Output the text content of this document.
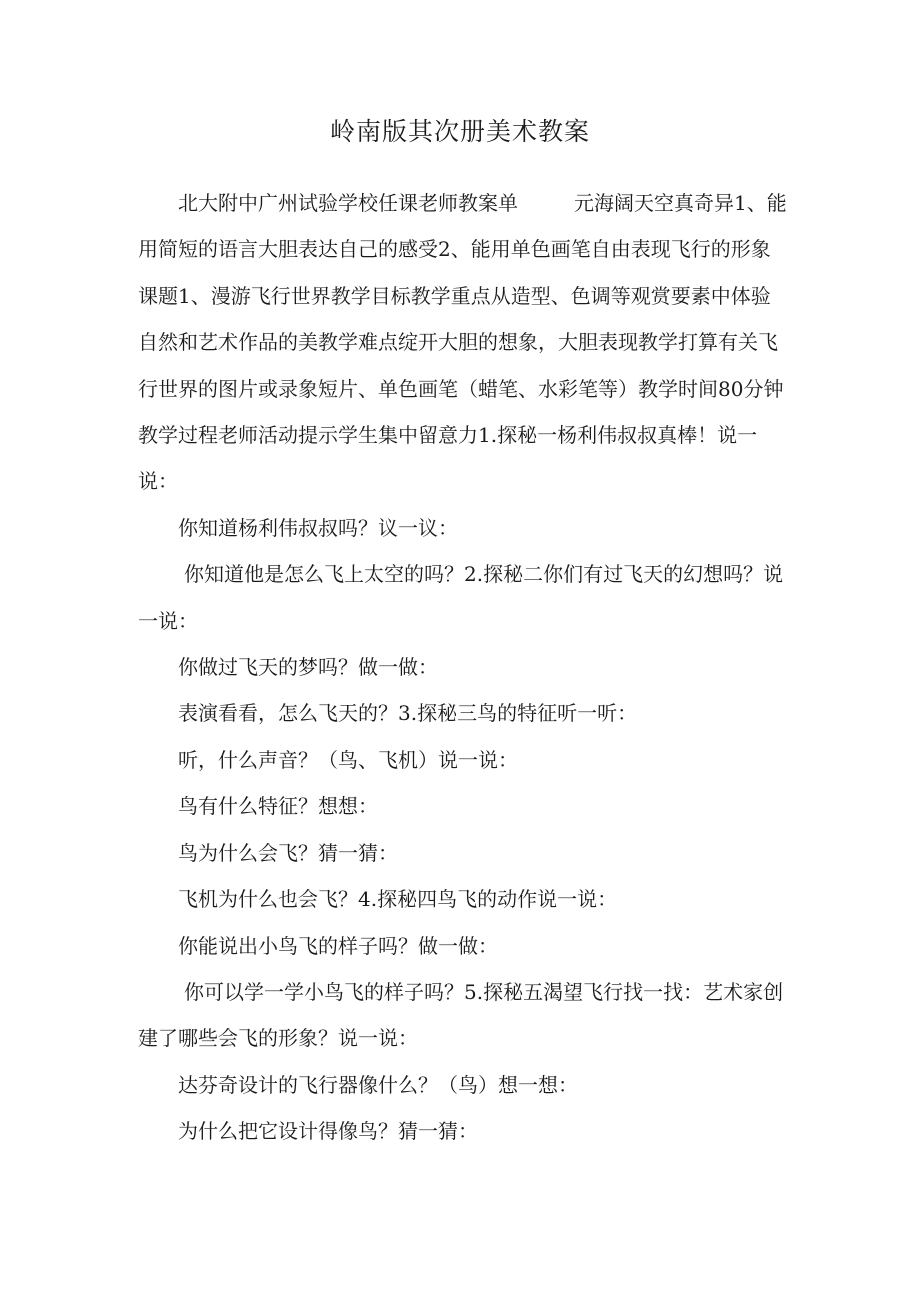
岭南版其次册美术教案

北大附中广州试验学校任课老师教案单	元海阔天空真奇异1、能用简短的语言大胆表达自己的感受2、能用单色画笔自由表现飞行的形象课题1、漫游飞行世界教学目标教学重点从造型、色调等观赏要素中体验自然和艺术作品的美教学难点绽开大胆的想象，大胆表现教学打算有关飞行世界的图片或录象短片、单色画笔（蜡笔、水彩笔等）教学时间80分钟教学过程老师活动提示学生集中留意力1.探秘一杨利伟叔叔真棒！说一说：

你知道杨利伟叔叔吗？议一议：

你知道他是怎么飞上太空的吗？2.探秘二你们有过飞天的幻想吗？说一说：

你做过飞天的梦吗？做一做：

表演看看，怎么飞天的？3.探秘三鸟的特征听一听：

听，什么声音？（鸟、飞机）说一说：

鸟有什么特征？想想：

鸟为什么会飞？猜一猜：

飞机为什么也会飞？4.探秘四鸟飞的动作说一说：

你能说出小鸟飞的样子吗？做一做：

你可以学一学小鸟飞的样子吗？5.探秘五渴望飞行找一找：艺术家创建了哪些会飞的形象？说一说：

达芬奇设计的飞行器像什么？（鸟）想一想：

为什么把它设计得像鸟？猜一猜：
